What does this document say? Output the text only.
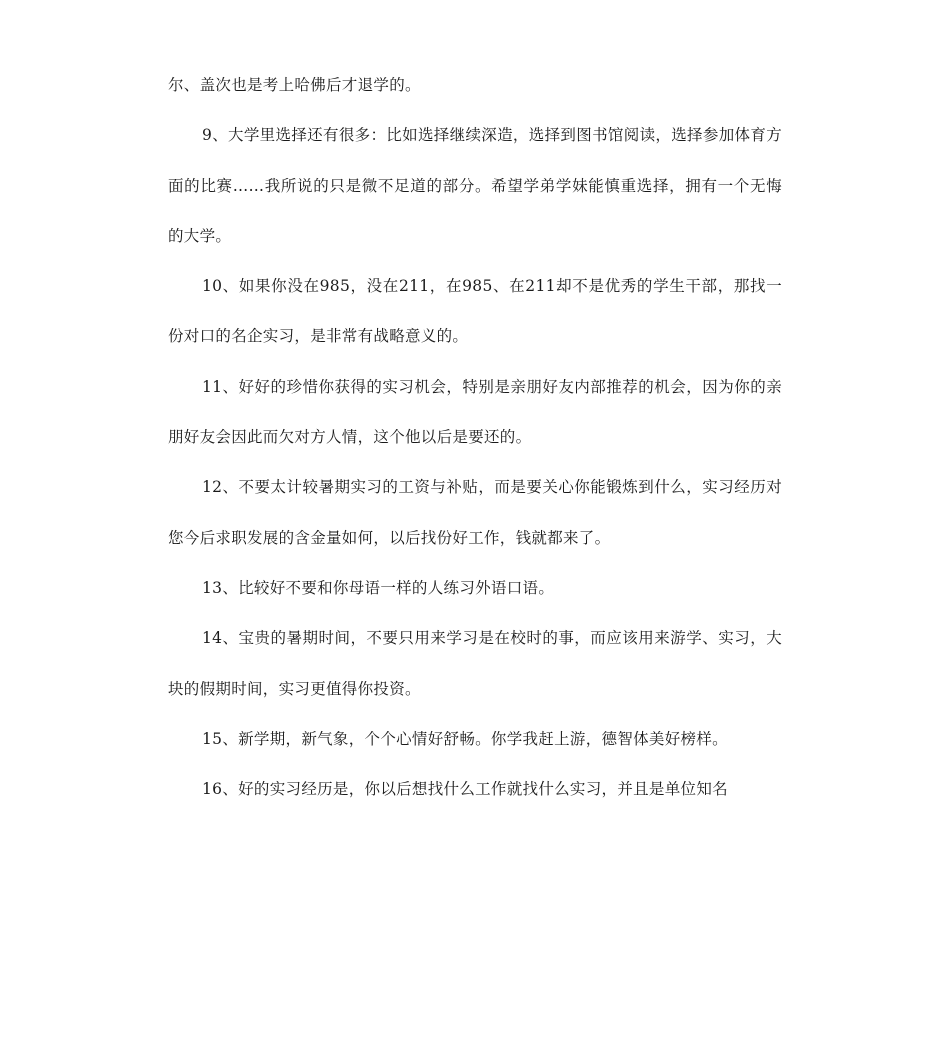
尔、盖次也是考上哈佛后才退学的。

9、大学里选择还有很多：比如选择继续深造，选择到图书馆阅读，选择参加体育方面的比赛……我所说的只是微不足道的部分。希望学弟学妹能慎重选择，拥有一个无悔的大学。

10、如果你没在985，没在211，在985、在211却不是优秀的学生干部，那找一份对口的名企实习，是非常有战略意义的。

11、好好的珍惜你获得的实习机会，特别是亲朋好友内部推荐的机会，因为你的亲朋好友会因此而欠对方人情，这个他以后是要还的。

12、不要太计较暑期实习的工资与补贴，而是要关心你能锻炼到什么，实习经历对您今后求职发展的含金量如何，以后找份好工作，钱就都来了。

13、比较好不要和你母语一样的人练习外语口语。

14、宝贵的暑期时间，不要只用来学习是在校时的事，而应该用来游学、实习，大块的假期时间，实习更值得你投资。

15、新学期，新气象，个个心情好舒畅。你学我赶上游，德智体美好榜样。

16、好的实习经历是，你以后想找什么工作就找什么实习，并且是单位知名
